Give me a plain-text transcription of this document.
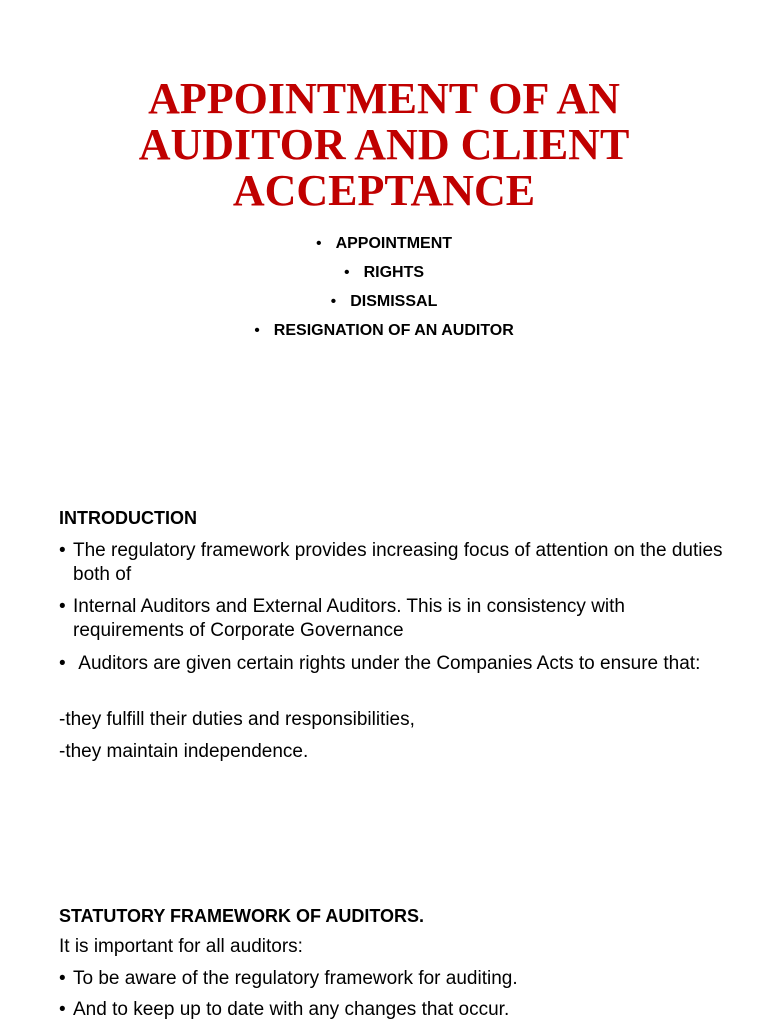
APPOINTMENT OF AN
AUDITOR AND CLIENT
ACCEPTANCE
• APPOINTMENT
• RIGHTS
• DISMISSAL
• RESIGNATION OF AN AUDITOR
INTRODUCTION
• The regulatory framework provides increasing focus of attention on the duties both of
• Internal Auditors and External Auditors. This is in consistency with requirements of Corporate Governance
• Auditors are given certain rights under the Companies Acts to ensure that:

-they fulfill their duties and responsibilities,

-they maintain independence.

STATUTORY FRAMEWORK OF AUDITORS.

It is important for all auditors:

• To be aware of the regulatory framework for auditing.
• And to keep up to date with any changes that occur.
